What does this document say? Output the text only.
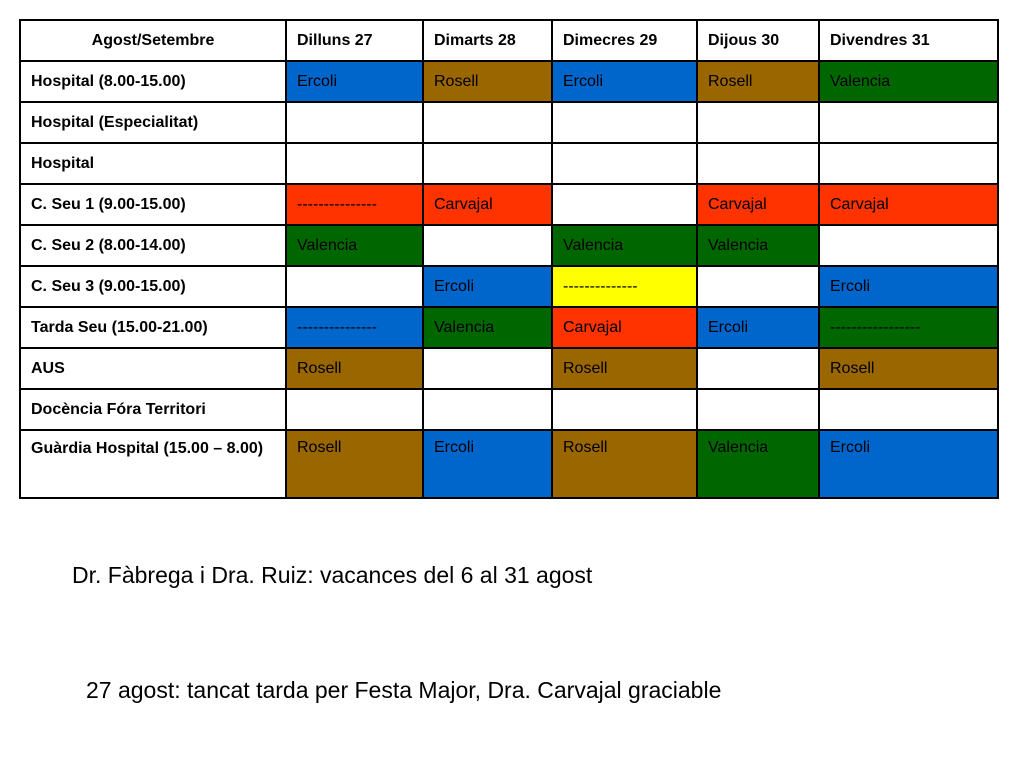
Agost/Setembre	Dilluns 27	Dimarts 28	Dimecres 29	Dijous 30	Divendres 31
Hospital (8.00-15.00)	Ercoli	Rosell	Ercoli	Rosell	Valencia
Hospital (Especialitat)					
Hospital					
C. Seu 1 (9.00-15.00)	---------------	Carvajal		Carvajal	Carvajal
C. Seu 2 (8.00-14.00)	Valencia		Valencia	Valencia	
C. Seu 3 (9.00-15.00)		Ercoli	--------------		Ercoli
Tarda Seu (15.00-21.00)	---------------	Valencia	Carvajal	Ercoli	-----------------
AUS	Rosell		Rosell		Rosell
Docència Fóra Territori					
Guàrdia Hospital (15.00 – 8.00)	Rosell	Ercoli	Rosell	Valencia	Ercoli
Dr. Fàbrega i Dra. Ruiz: vacances del 6 al 31 agost
27 agost: tancat tarda per Festa Major, Dra. Carvajal graciable
